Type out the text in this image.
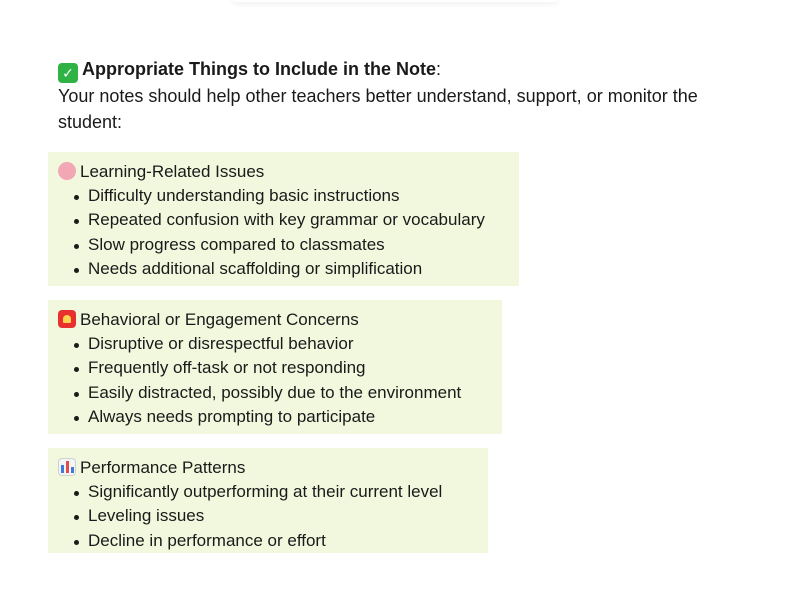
✓ Appropriate Things to Include in the Note:
Your notes should help other teachers better understand, support, or monitor the student:
Learning-Related Issues
Difficulty understanding basic instructions
Repeated confusion with key grammar or vocabulary
Slow progress compared to classmates
Needs additional scaffolding or simplification
Behavioral or Engagement Concerns
Disruptive or disrespectful behavior
Frequently off-task or not responding
Easily distracted, possibly due to the environment
Always needs prompting to participate
Performance Patterns
Significantly outperforming at their current level
Leveling issues
Decline in performance or effort
